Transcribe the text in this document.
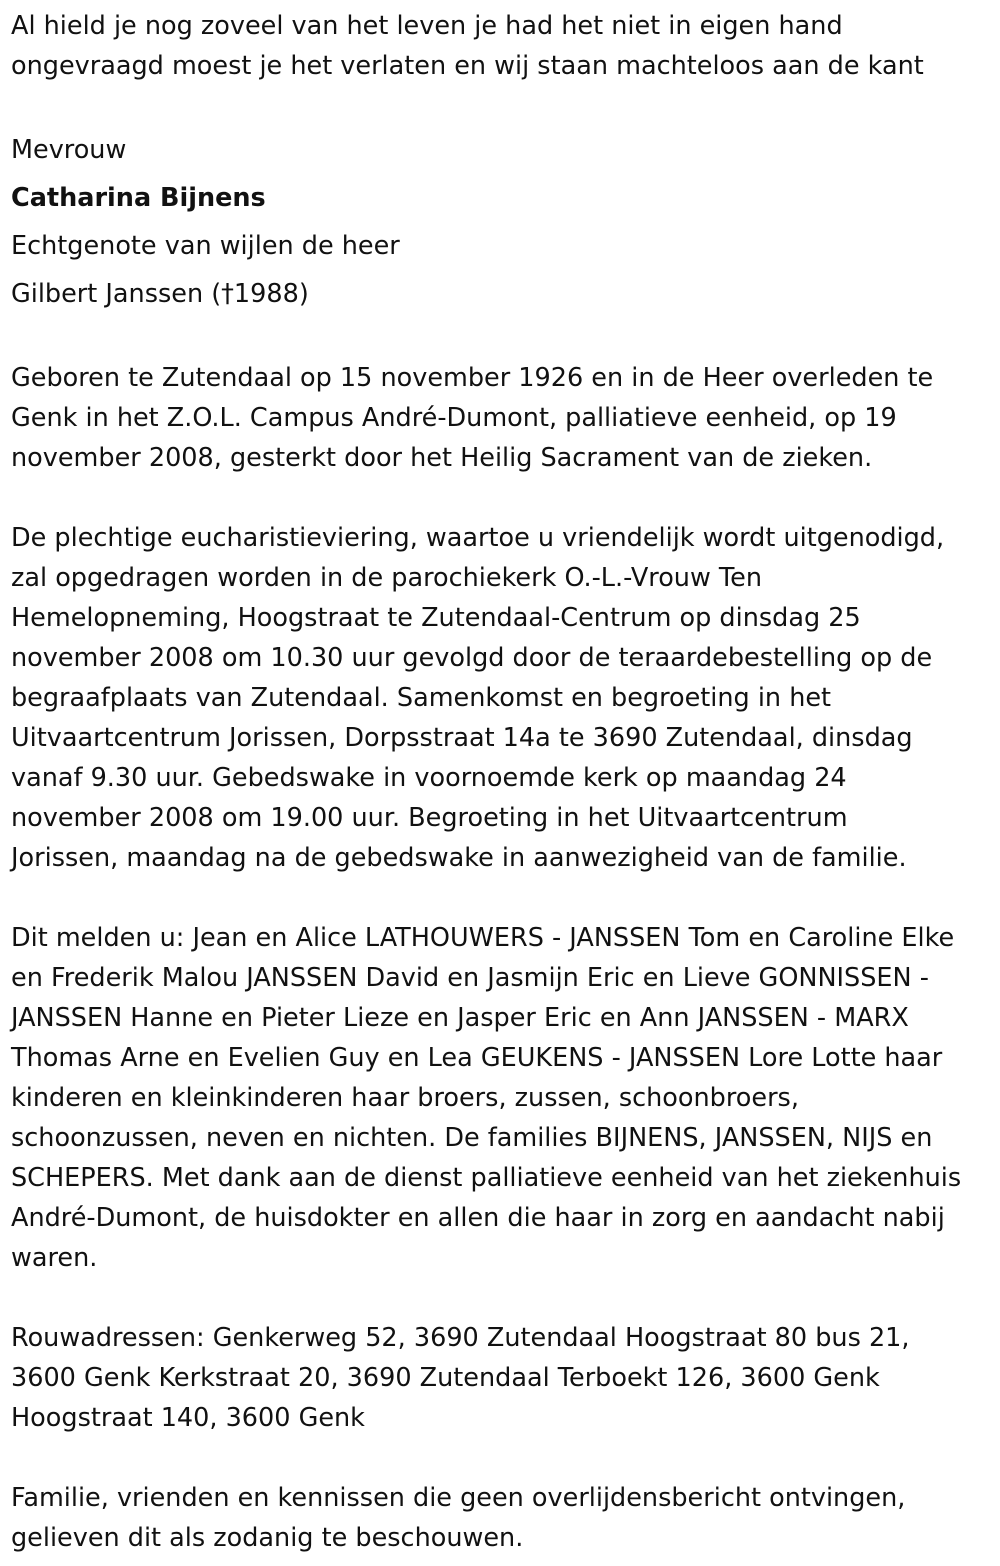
Al hield je nog zoveel van het leven je had het niet in eigen hand
ongevraagd moest je het verlaten en wij staan machteloos aan de kant
Mevrouw
Catharina Bijnens
Echtgenote van wijlen de heer
Gilbert Janssen (†1988)
Geboren te Zutendaal op 15 november 1926 en in de Heer overleden te
Genk in het Z.O.L. Campus André-Dumont, palliatieve eenheid, op 19
november 2008, gesterkt door het Heilig Sacrament van de zieken.
De plechtige eucharistieviering, waartoe u vriendelijk wordt uitgenodigd,
zal opgedragen worden in de parochiekerk O.-L.-Vrouw Ten
Hemelopneming, Hoogstraat te Zutendaal-Centrum op dinsdag 25
november 2008 om 10.30 uur gevolgd door de teraardebestelling op de
begraafplaats van Zutendaal. Samenkomst en begroeting in het
Uitvaartcentrum Jorissen, Dorpsstraat 14a te 3690 Zutendaal, dinsdag
vanaf 9.30 uur. Gebedswake in voornoemde kerk op maandag 24
november 2008 om 19.00 uur. Begroeting in het Uitvaartcentrum
Jorissen, maandag na de gebedswake in aanwezigheid van de familie.
Dit melden u: Jean en Alice LATHOUWERS - JANSSEN Tom en Caroline Elke
en Frederik Malou JANSSEN David en Jasmijn Eric en Lieve GONNISSEN -
JANSSEN Hanne en Pieter Lieze en Jasper Eric en Ann JANSSEN - MARX
Thomas Arne en Evelien Guy en Lea GEUKENS - JANSSEN Lore Lotte haar
kinderen en kleinkinderen haar broers, zussen, schoonbroers,
schoonzussen, neven en nichten. De families BIJNENS, JANSSEN, NIJS en
SCHEPERS. Met dank aan de dienst palliatieve eenheid van het ziekenhuis
André-Dumont, de huisdokter en allen die haar in zorg en aandacht nabij
waren.
Rouwadressen: Genkerweg 52, 3690 Zutendaal Hoogstraat 80 bus 21,
3600 Genk Kerkstraat 20, 3690 Zutendaal Terboekt 126, 3600 Genk
Hoogstraat 140, 3600 Genk
Familie, vrienden en kennissen die geen overlijdensbericht ontvingen,
gelieven dit als zodanig te beschouwen.
